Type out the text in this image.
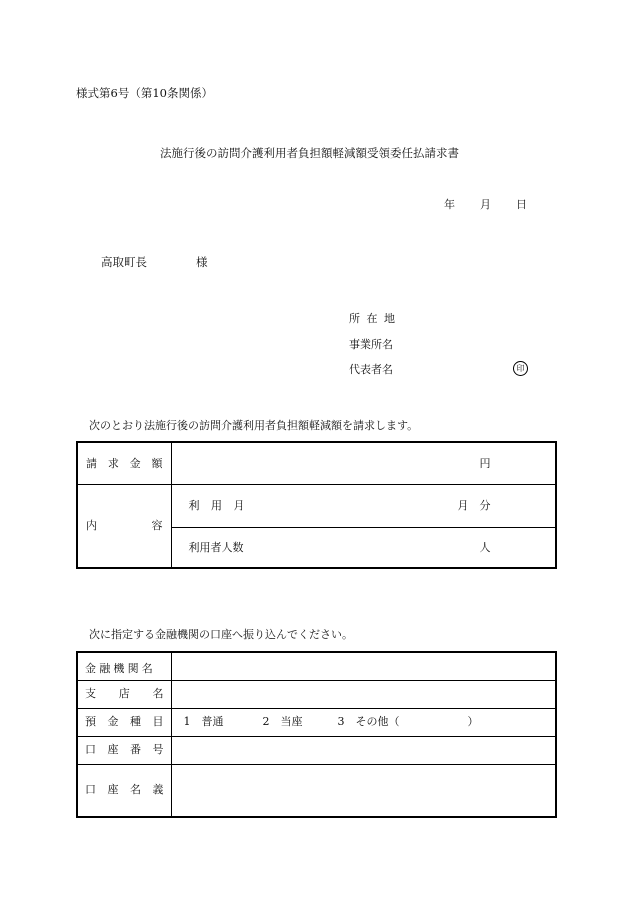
様式第6号（第10条関係）
法施行後の訪問介護利用者負担額軽減額受領委任払請求書
年 月 日
高取町長	様
所 在 地
事業所名
代表者名	印
次のとおり法施行後の訪問介護利用者負担額軽減額を請求します。
請 求 金 額	円

内 容	利 用 月 月 分

	利用者人数 人
次に指定する金融機関の口座へ振り込んでください。
金融機関名	

支 店 名	

預 金 種 目	1　普通 2　当座 3　その他（ ）

口 座 番 号	

口 座 名 義	
